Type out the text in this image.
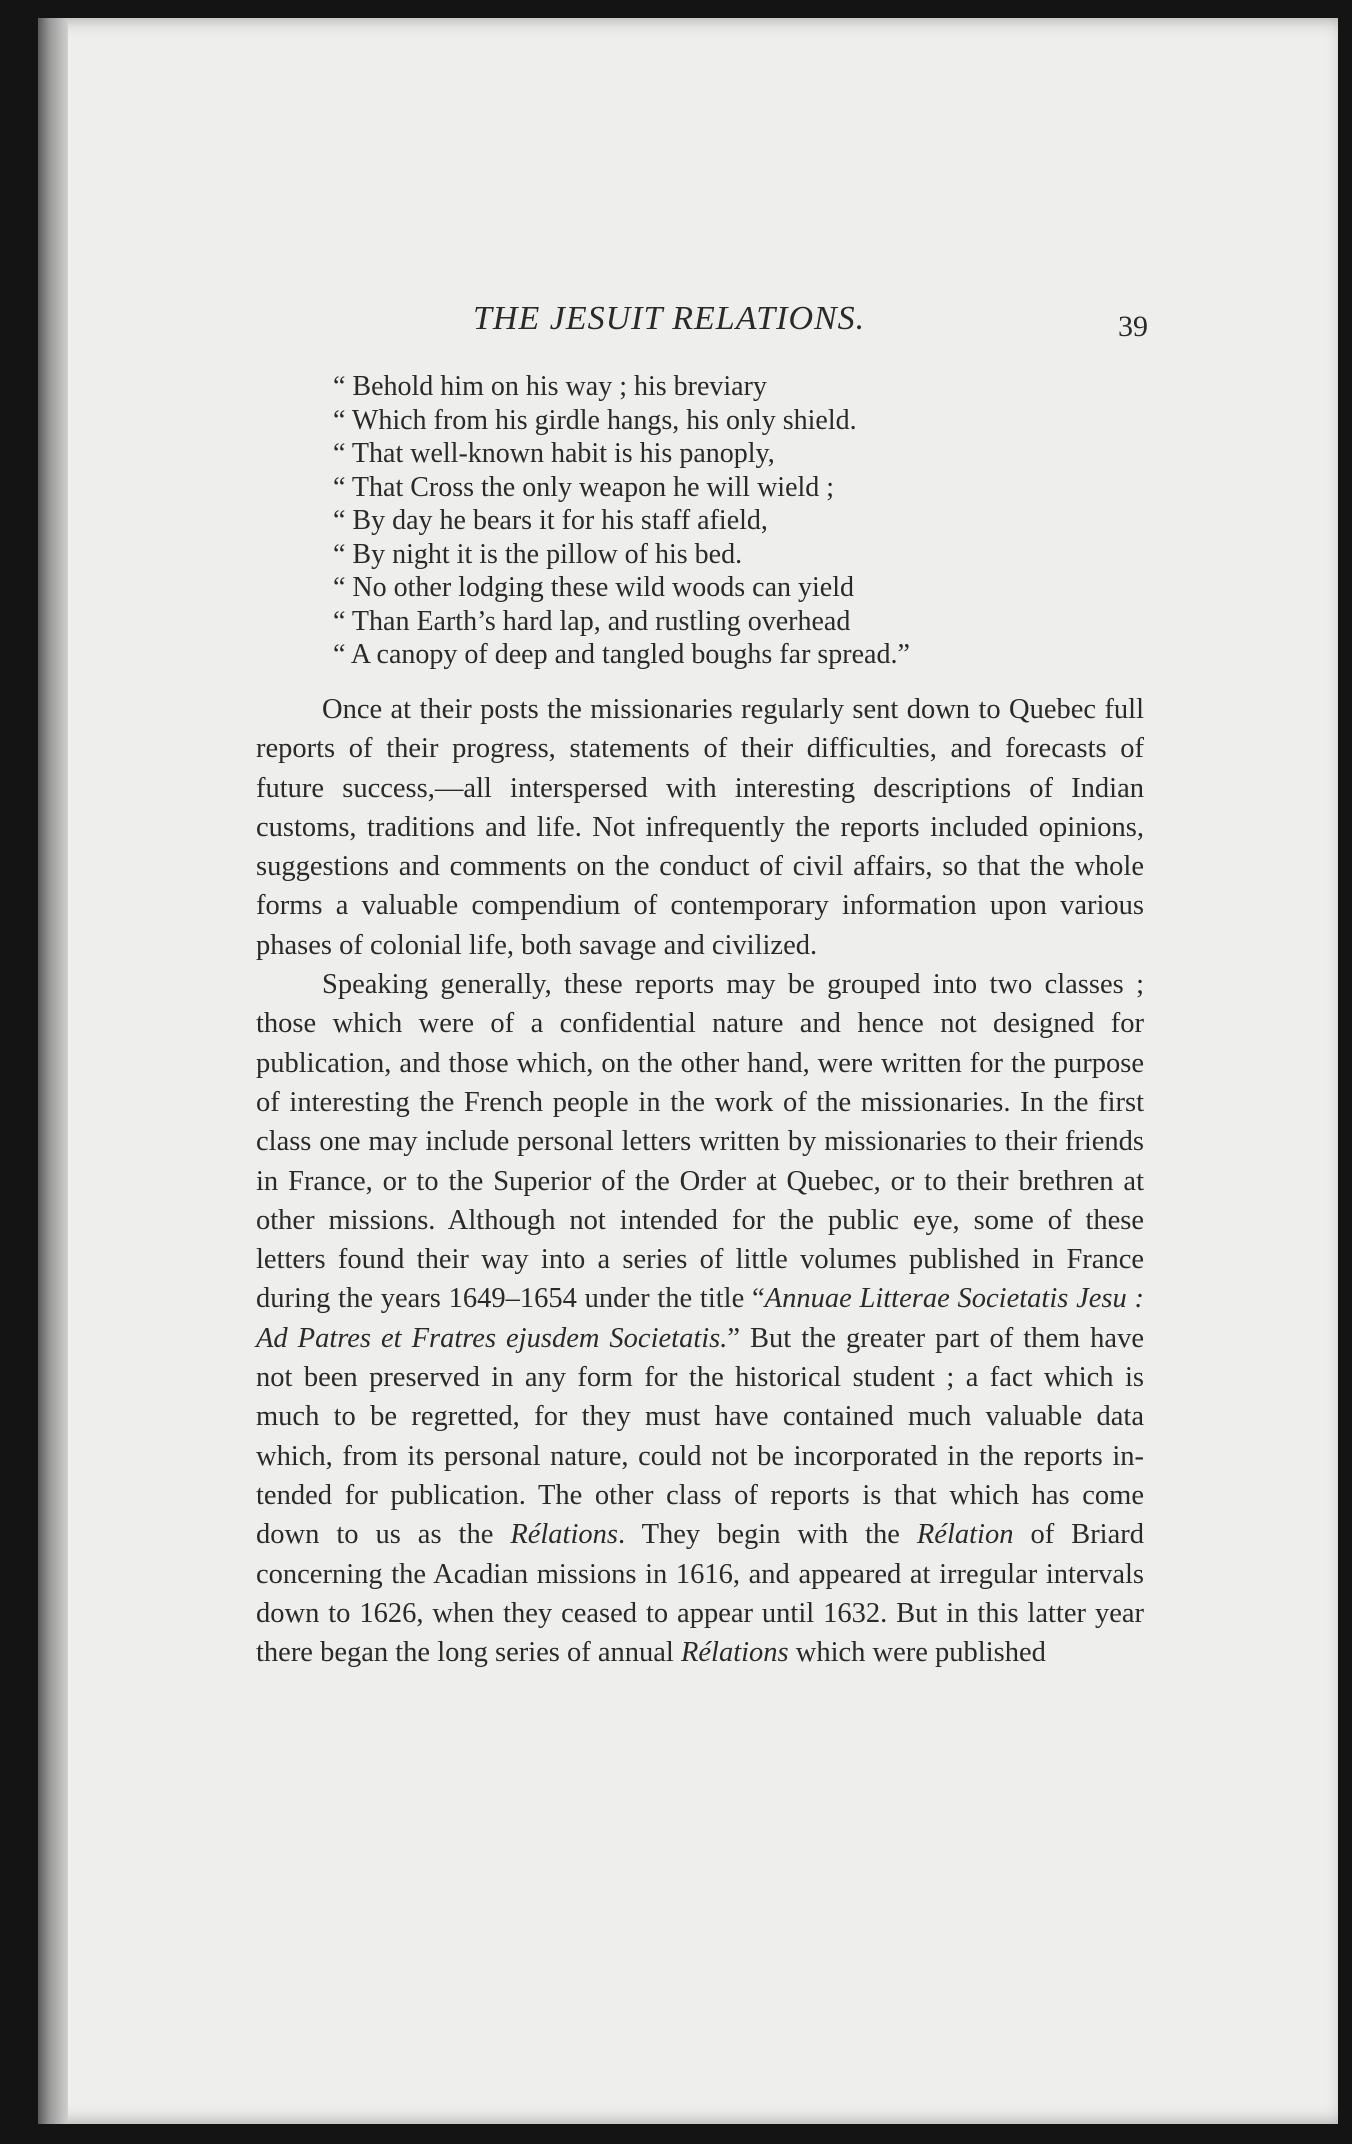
THE JESUIT RELATIONS.	39
“ Behold him on his way ; his breviary
“ Which from his girdle hangs, his only shield.
“ That well-known habit is his panoply,
“ That Cross the only weapon he will wield ;
“ By day he bears it for his staff afield,
“ By night it is the pillow of his bed.
“ No other lodging these wild woods can yield
“ Than Earth’s hard lap, and rustling overhead
“ A canopy of deep and tangled boughs far spread.”

Once at their posts the missionaries regularly sent down to Quebec full reports of their progress, statements of their difficulties, and forecasts of future success,—all interspersed with interesting descriptions of Indian customs, traditions and life. Not infrequently the reports included opinions, suggestions and comments on the conduct of civil affairs, so that the whole forms a valuable compendium of contemporary information upon various phases of colonial life, both savage and civilized.

Speaking generally, these reports may be grouped into two classes ; those which were of a confidential nature and hence not designed for publication, and those which, on the other hand, were written for the purpose of interesting the French people in the work of the missionaries. In the first class one may include personal letters written by missionaries to their friends in France, or to the Superior of the Order at Quebec, or to their brethren at other missions. Although not intended for the public eye, some of these letters found their way into a series of little volumes published in France during the years 1649–1654 under the title “Annuae Litterae Societatis Jesu : Ad Patres et Fratres ejusdem Societatis.” But the greater part of them have not been preserved in any form for the historical student ; a fact which is much to be regretted, for they must have contained much valuable data which, from its personal nature, could not be incorporated in the reports intended for publication. The other class of reports is that which has come down to us as the Rélations. They begin with the Rélation of Briard concerning the Acadian missions in 1616, and appeared at irregular intervals down to 1626, when they ceased to appear until 1632. But in this latter year there began the long series of annual Rélations which were published
